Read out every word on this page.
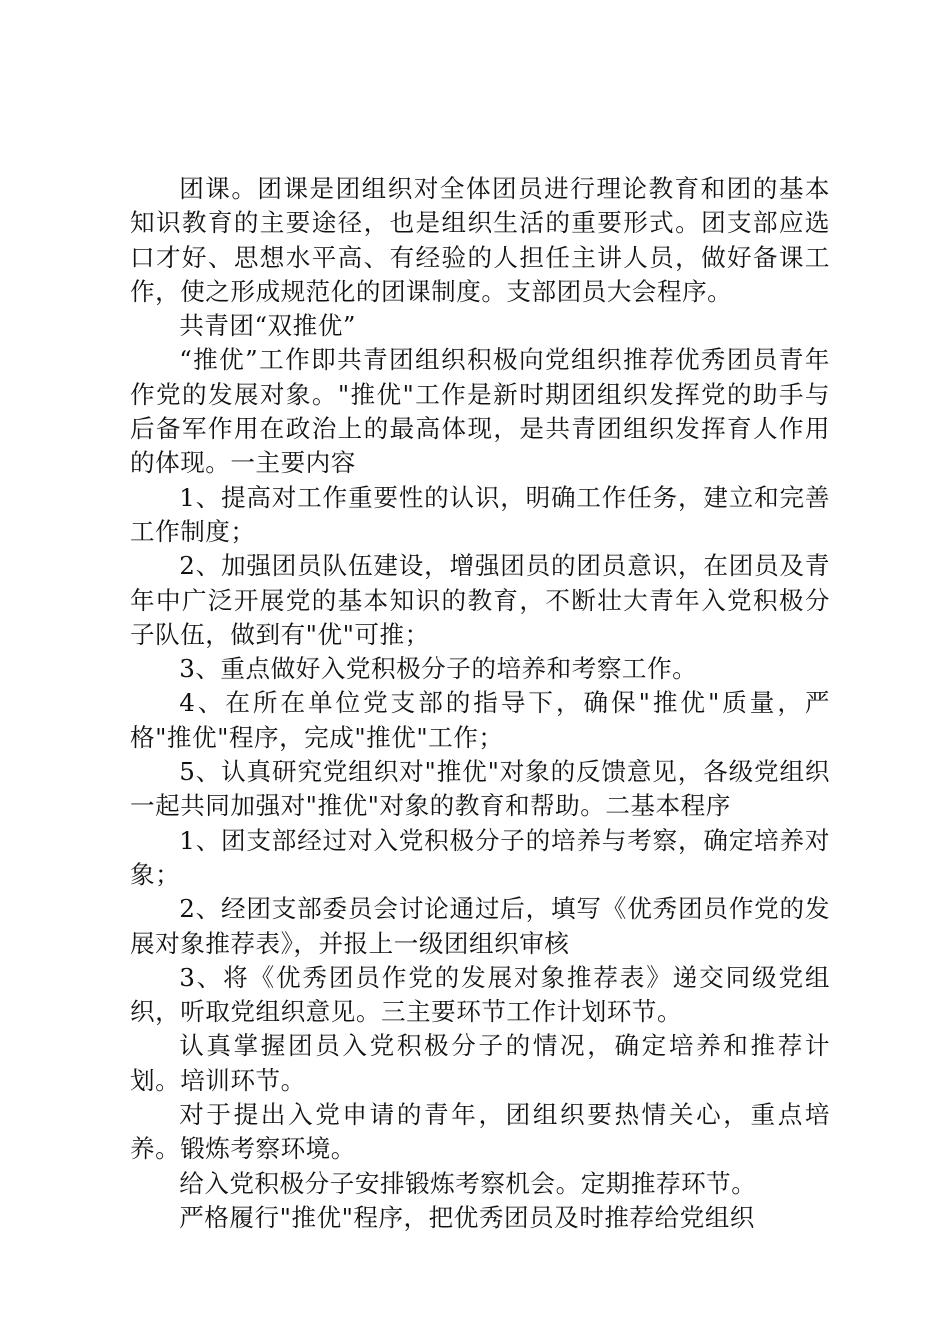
团课。团课是团组织对全体团员进行理论教育和团的基本知识教育的主要途径，也是组织生活的重要形式。团支部应选口才好、思想水平高、有经验的人担任主讲人员，做好备课工作，使之形成规范化的团课制度。支部团员大会程序。

共青团“双推优”

“推优”工作即共青团组织积极向党组织推荐优秀团员青年作党的发展对象。"推优"工作是新时期团组织发挥党的助手与后备军作用在政治上的最高体现，是共青团组织发挥育人作用的体现。一主要内容

1、提高对工作重要性的认识，明确工作任务，建立和完善工作制度；

2、加强团员队伍建设，增强团员的团员意识，在团员及青年中广泛开展党的基本知识的教育，不断壮大青年入党积极分子队伍，做到有"优"可推；

3、重点做好入党积极分子的培养和考察工作。

4、在所在单位党支部的指导下，确保"推优"质量，严格"推优"程序，完成"推优"工作；

5、认真研究党组织对"推优"对象的反馈意见，各级党组织一起共同加强对"推优"对象的教育和帮助。二基本程序

1、团支部经过对入党积极分子的培养与考察，确定培养对象；

2、经团支部委员会讨论通过后，填写《优秀团员作党的发展对象推荐表》，并报上一级团组织审核

3、将《优秀团员作党的发展对象推荐表》递交同级党组织，听取党组织意见。三主要环节工作计划环节。

认真掌握团员入党积极分子的情况，确定培养和推荐计划。培训环节。

对于提出入党申请的青年，团组织要热情关心，重点培养。锻炼考察环境。

给入党积极分子安排锻炼考察机会。定期推荐环节。

严格履行"推优"程序，把优秀团员及时推荐给党组织
